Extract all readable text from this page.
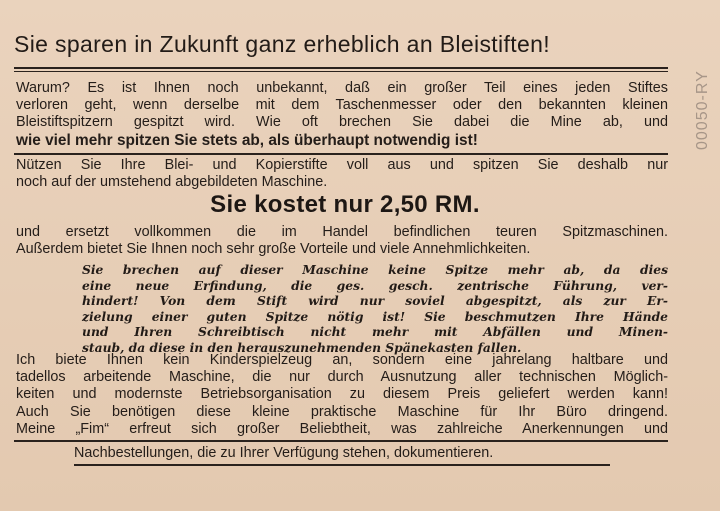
Sie sparen in Zukunft ganz erheblich an Bleistiften!
Warum? Es ist Ihnen noch unbekannt, daß ein großer Teil eines jeden Stiftes
verloren geht, wenn derselbe mit dem Taschenmesser oder den bekannten kleinen
Bleistiftspitzern gespitzt wird. Wie oft brechen Sie dabei die Mine ab, und
wie viel mehr spitzen Sie stets ab, als überhaupt notwendig ist!
Nützen Sie Ihre Blei- und Kopierstifte voll aus und spitzen Sie deshalb nur
noch auf der umstehend abgebildeten Maschine.
Sie kostet nur 2,50 RM.
und ersetzt vollkommen die im Handel befindlichen teuren Spitzmaschinen.
Außerdem bietet Sie Ihnen noch sehr große Vorteile und viele Annehmlichkeiten.
Sie brechen auf dieser Maschine keine Spitze mehr ab, da dies
eine neue Erfindung, die ges. gesch. zentrische Führung, ver-
hindert! Von dem Stift wird nur soviel abgespitzt, als zur Er-
zielung einer guten Spitze nötig ist! Sie beschmutzen Ihre Hände
und Ihren Schreibtisch nicht mehr mit Abfällen und Minen-
staub, da diese in den herauszunehmenden Spänekasten fallen.
Ich biete Ihnen kein Kinderspielzeug an, sondern eine jahrelang haltbare und
tadellos arbeitende Maschine, die nur durch Ausnutzung aller technischen Möglich-
keiten und modernste Betriebsorganisation zu diesem Preis geliefert werden kann!
Auch Sie benötigen diese kleine praktische Maschine für Ihr Büro dringend.
Meine „Fim“ erfreut sich großer Beliebtheit, was zahlreiche Anerkennungen und
Nachbestellungen, die zu Ihrer Verfügung stehen, dokumentieren.
00050-RY
